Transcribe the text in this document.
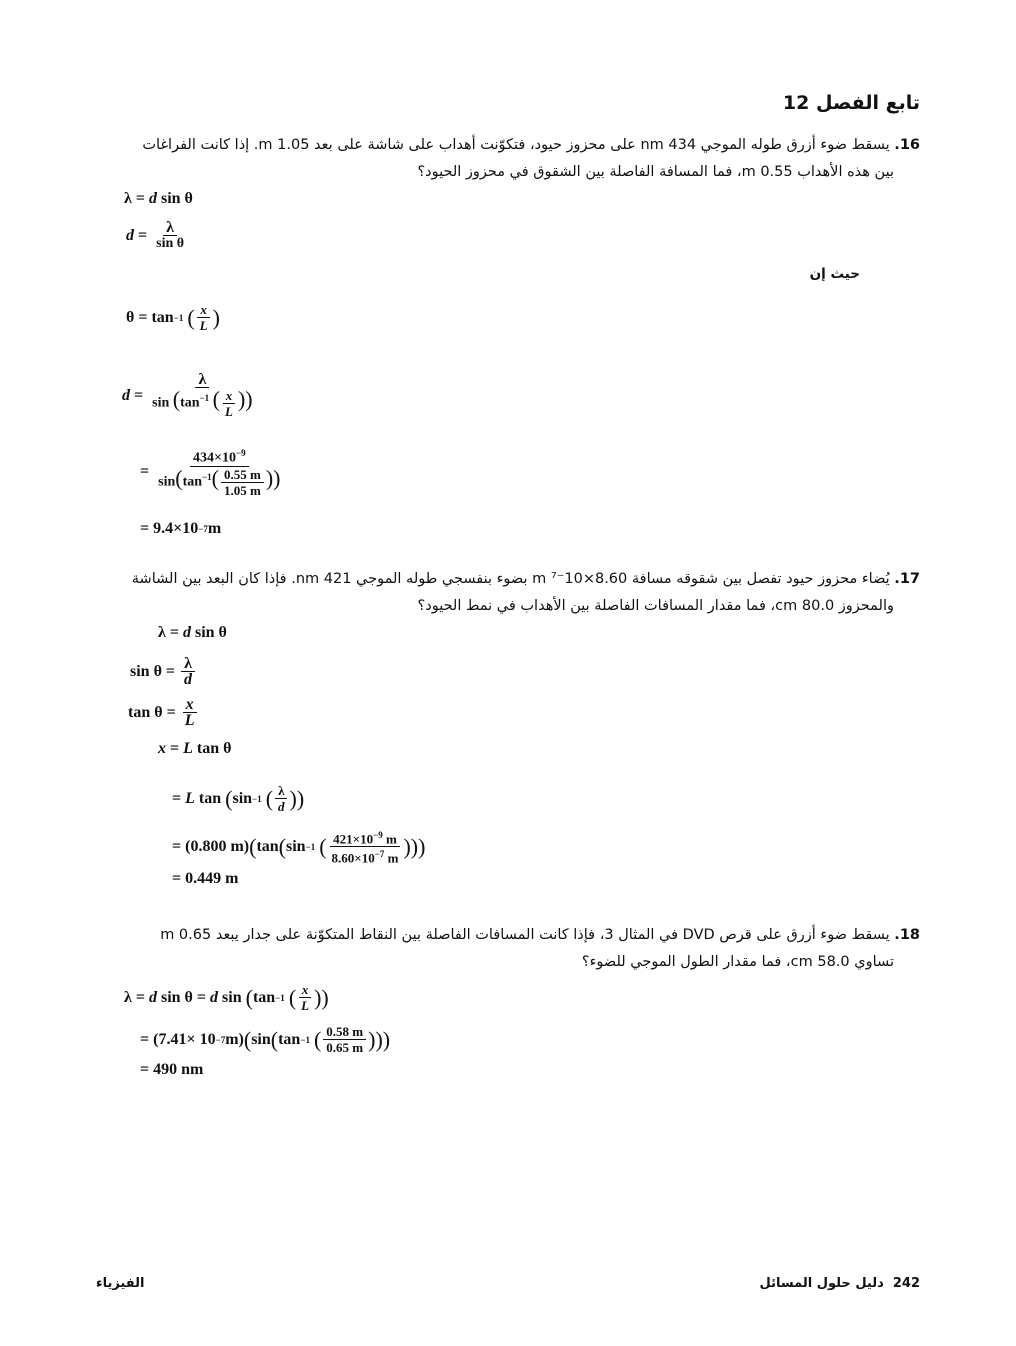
تابع الفصل 12
16. يسقط ضوء أزرق طوله الموجي 434 nm على محزوز حيود، فتكوّنت أهداب على شاشة على بعد 1.05 m. إذا كانت الفراغات
بين هذه الأهداب 0.55 m، فما المسافة الفاصلة بين الشقوق في محزوز الحيود؟
λ = d sin θ
$d = \frac{\lambda}{\text{sin θ}}$
حيث إن
θ = tan −1
( $\frac{x}{L}$ )
$d = \frac{\lambda}{\sin (\tan^{-1} ( \frac{x}{L} ))}$
= $\frac{434\times 10^{-9}}{\sin(\tan^{-1}( \frac{0.55 m}{1.05 m} ))}$
= 9.4×10 −7 m
17. يُضاء محزوز حيود تفصل بين شقوقه مسافة 8.60×10⁻⁷ m بضوء بنفسجي طوله الموجي 421 nm. فإذا كان البعد بين الشاشة
والمحزوز 80.0 cm، فما مقدار المسافات الفاصلة بين الأهداب في نمط الحيود؟
λ = d sin θ
$\sin \theta = \frac{\lambda}{d}$
$\tan \theta = \frac{x}{L}$
x = L tan θ
= L tan ( sin −1
( $\frac{\lambda}{d}$ ))
= (0.800 m) ( tan ( sin −1
( $\frac{421\times 10^{-9} m}{8.60\times 10^{-7} m}$ )))
= 0.449 m
18. يسقط ضوء أزرق على قرص DVD في المثال 3، فإذا كانت المسافات الفاصلة بين النقاط المتكوّنة على جدار يبعد 0.65 m
تساوي 58.0 cm، فما مقدار الطول الموجي للضوء؟
λ = d sin θ = d sin ( tan −1
( $\frac{x}{L}$ ))
= (7.41× 10 −7 m) ( sin ( tan −1
( $\frac{0.58 m}{0.65 m}$ )))
= 490 nm
242  دليل حلول المسائل
الفيزياء
